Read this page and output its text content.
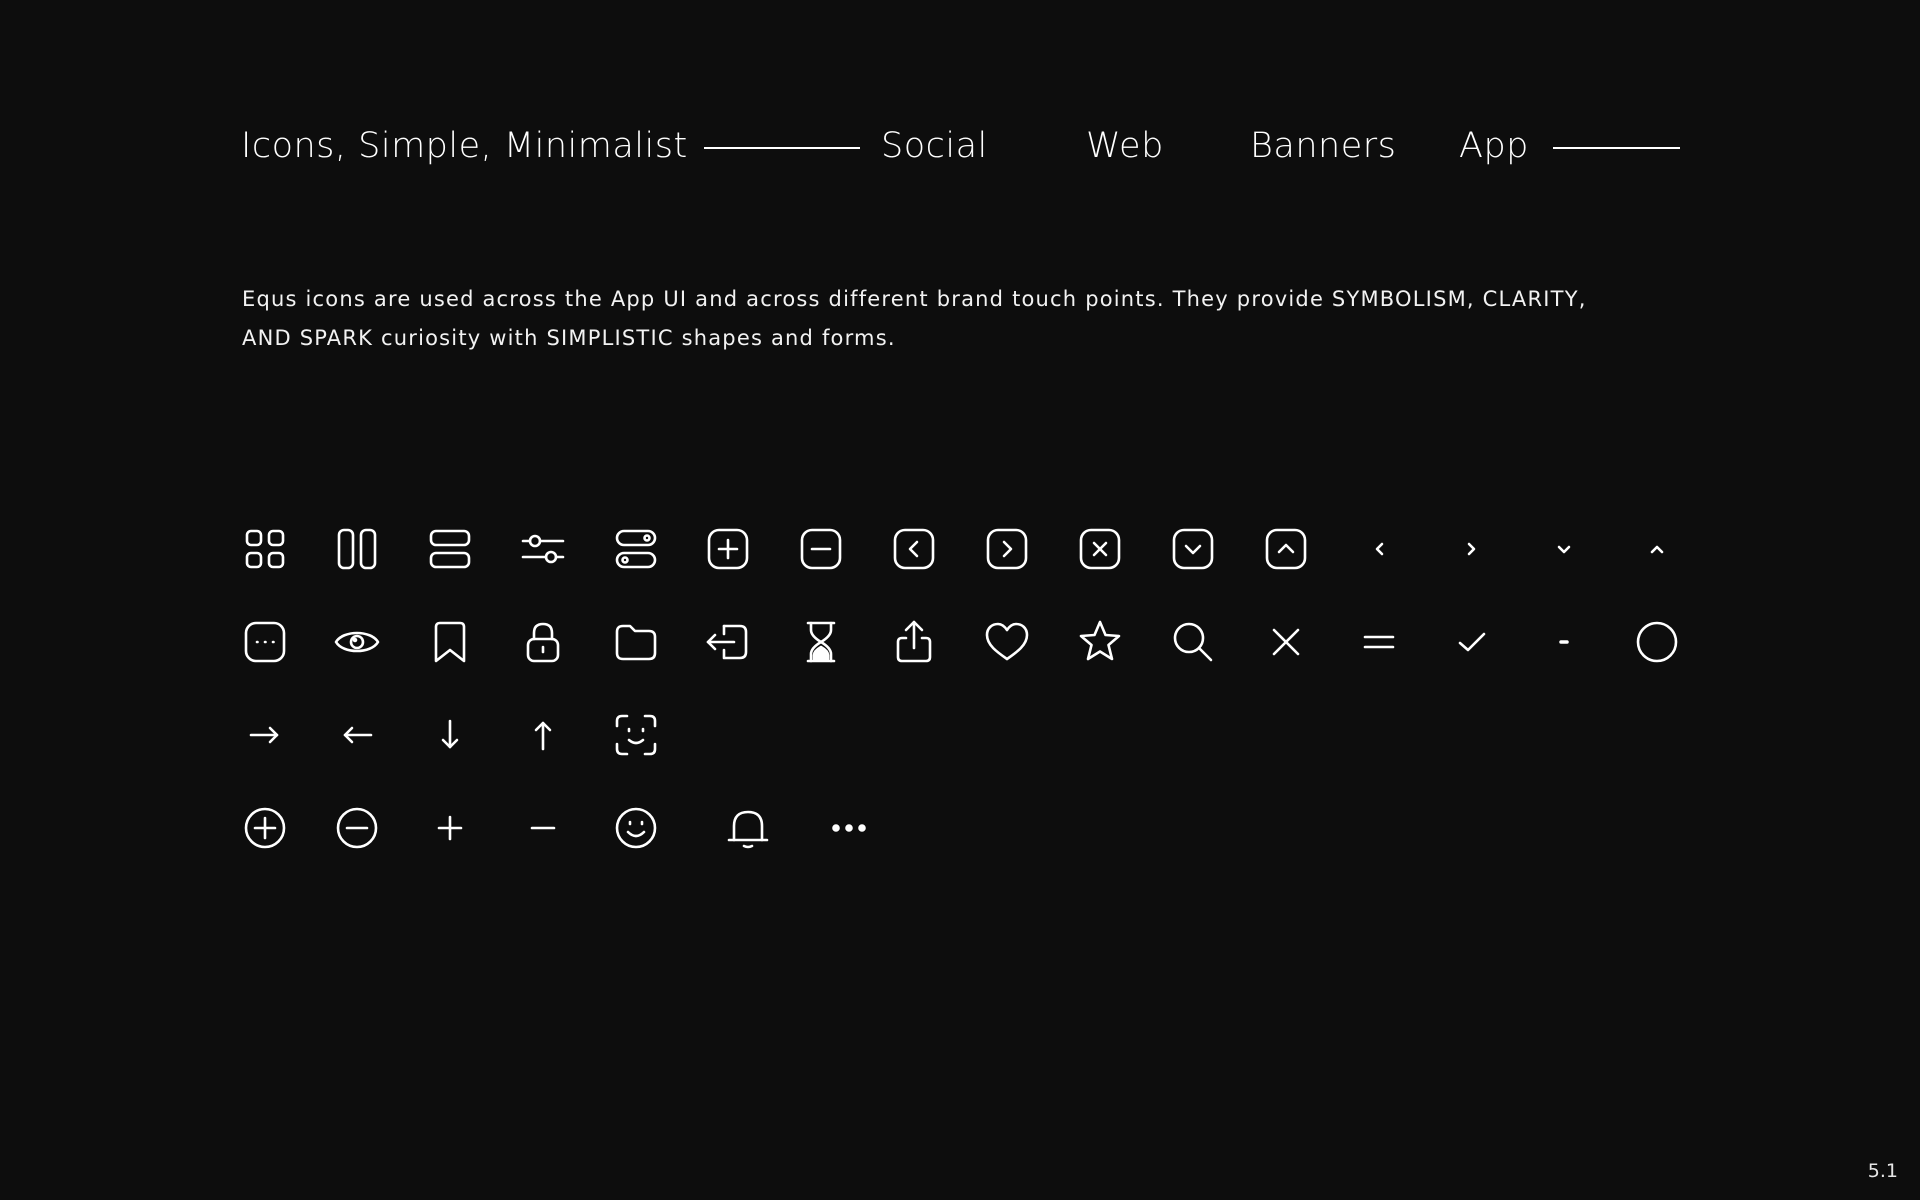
Icons, Simple, Minimalist	Social	Web Banners App
Equs icons are used across the App UI and across different brand touch points. They provide SYMBOLISM, CLARITY, AND SPARK curiosity with SIMPLISTIC shapes and forms.
5.1
